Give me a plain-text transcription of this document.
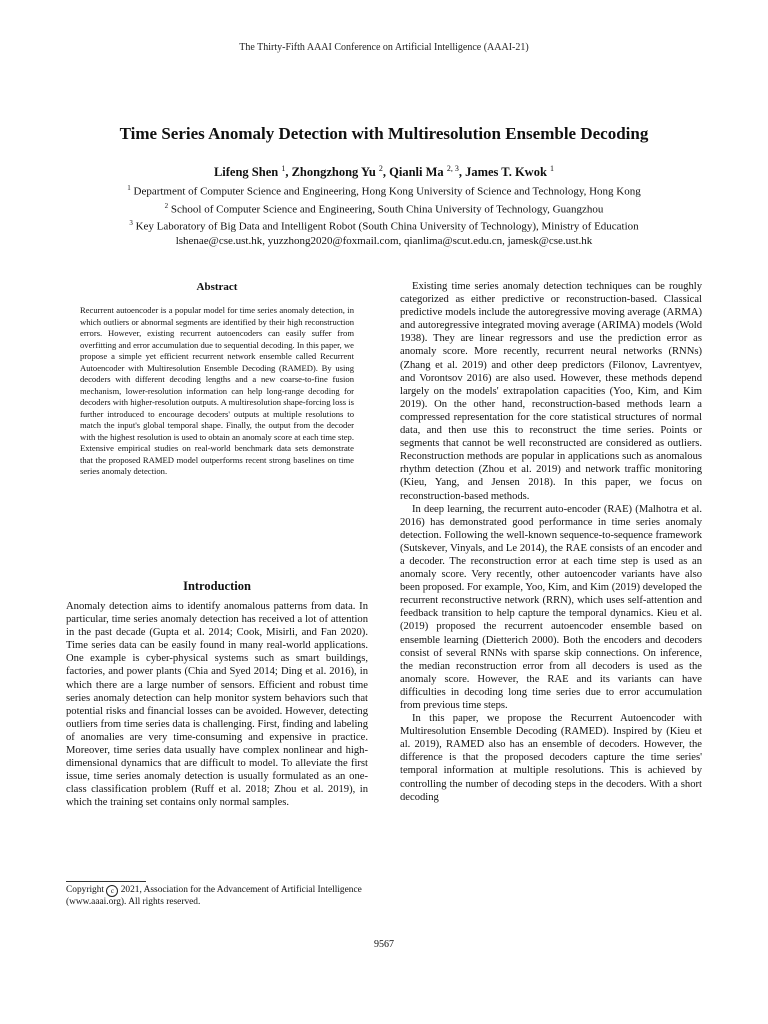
The Thirty-Fifth AAAI Conference on Artificial Intelligence (AAAI-21)
Time Series Anomaly Detection with Multiresolution Ensemble Decoding
Lifeng Shen $^1$, Zhongzhong Yu $^2$, Qianli Ma $^{2, 3}$, James T. Kwok $^1$
$^1$ Department of Computer Science and Engineering, Hong Kong University of Science and Technology, Hong Kong
$^2$ School of Computer Science and Engineering, South China University of Technology, Guangzhou
$^3$ Key Laboratory of Big Data and Intelligent Robot (South China University of Technology), Ministry of Education
lshenae@cse.ust.hk, yuzzhong2020@foxmail.com, qianlima@scut.edu.cn, jamesk@cse.ust.hk
Abstract

Recurrent autoencoder is a popular model for time series anomaly detection, in which outliers or abnormal segments are identified by their high reconstruction errors. However, existing recurrent autoencoders can easily suffer from overfitting and error accumulation due to sequential decoding. In this paper, we propose a simple yet efficient recurrent network ensemble called Recurrent Autoencoder with Multiresolution Ensemble Decoding (RAMED). By using decoders with different decoding lengths and a new coarse-to-fine fusion mechanism, lower-resolution information can help long-range decoding for decoders with higher-resolution outputs. A multiresolution shape-forcing loss is further introduced to encourage decoders' outputs at multiple resolutions to match the input's global temporal shape. Finally, the output from the decoder with the highest resolution is used to obtain an anomaly score at each time step. Extensive empirical studies on real-world benchmark data sets demonstrate that the proposed RAMED model outperforms recent strong baselines on time series anomaly detection.

Introduction

Anomaly detection aims to identify anomalous patterns from data. In particular, time series anomaly detection has received a lot of attention in the past decade (Gupta et al. 2014; Cook, Misirli, and Fan 2020). Time series data can be easily found in many real-world applications. One example is cyber-physical systems such as smart buildings, factories, and power plants (Chia and Syed 2014; Ding et al. 2016), in which there are a large number of sensors. Efficient and robust time series anomaly detection can help monitor system behaviors such that potential risks and financial losses can be avoided. However, detecting outliers from time series data is challenging. First, finding and labeling of anomalies are very time-consuming and expensive in practice. Moreover, time series data usually have complex nonlinear and high-dimensional dynamics that are difficult to model. To alleviate the first issue, time series anomaly detection is usually formulated as an one-class classification problem (Ruff et al. 2018; Zhou et al. 2019), in which the training set contains only normal samples.

Copyright c 2021, Association for the Advancement of Artificial Intelligence (www.aaai.org). All rights reserved.

Existing time series anomaly detection techniques can be roughly categorized as either predictive or reconstruction-based. Classical predictive models include the autoregressive moving average (ARMA) and autoregressive integrated moving average (ARIMA) models (Wold 1938). They are linear regressors and use the prediction error as anomaly score. More recently, recurrent neural networks (RNNs) (Zhang et al. 2019) and other deep predictors (Filonov, Lavrentyev, and Vorontsov 2016) are also used. However, these methods depend largely on the models' extrapolation capacities (Yoo, Kim, and Kim 2019). On the other hand, reconstruction-based methods learn a compressed representation for the core statistical structures of normal data, and then use this to reconstruct the time series. Points or segments that cannot be well reconstructed are considered as outliers. Reconstruction methods are popular in applications such as anomalous rhythm detection (Zhou et al. 2019) and network traffic monitoring (Kieu, Yang, and Jensen 2018). In this paper, we focus on reconstruction-based methods.

In deep learning, the recurrent auto-encoder (RAE) (Malhotra et al. 2016) has demonstrated good performance in time series anomaly detection. Following the well-known sequence-to-sequence framework (Sutskever, Vinyals, and Le 2014), the RAE consists of an encoder and a decoder. The reconstruction error at each time step is used as an anomaly score. Very recently, other autoencoder variants have also been proposed. For example, Yoo, Kim, and Kim (2019) developed the recurrent reconstructive network (RRN), which uses self-attention and feedback transition to help capture the temporal dynamics. Kieu et al. (2019) proposed the recurrent autoencoder ensemble based on ensemble learning (Dietterich 2000). Both the encoders and decoders consist of several RNNs with sparse skip connections. On inference, the median reconstruction error from all decoders is used as the anomaly score. However, the RAE and its variants can have difficulties in decoding long time series due to error accumulation from previous time steps.

In this paper, we propose the Recurrent Autoencoder with Multiresolution Ensemble Decoding (RAMED). Inspired by (Kieu et al. 2019), RAMED also has an ensemble of decoders. However, the difference is that the proposed decoders capture the time series' temporal information at multiple resolutions. This is achieved by controlling the number of decoding steps in the decoders. With a short decoding

9567
